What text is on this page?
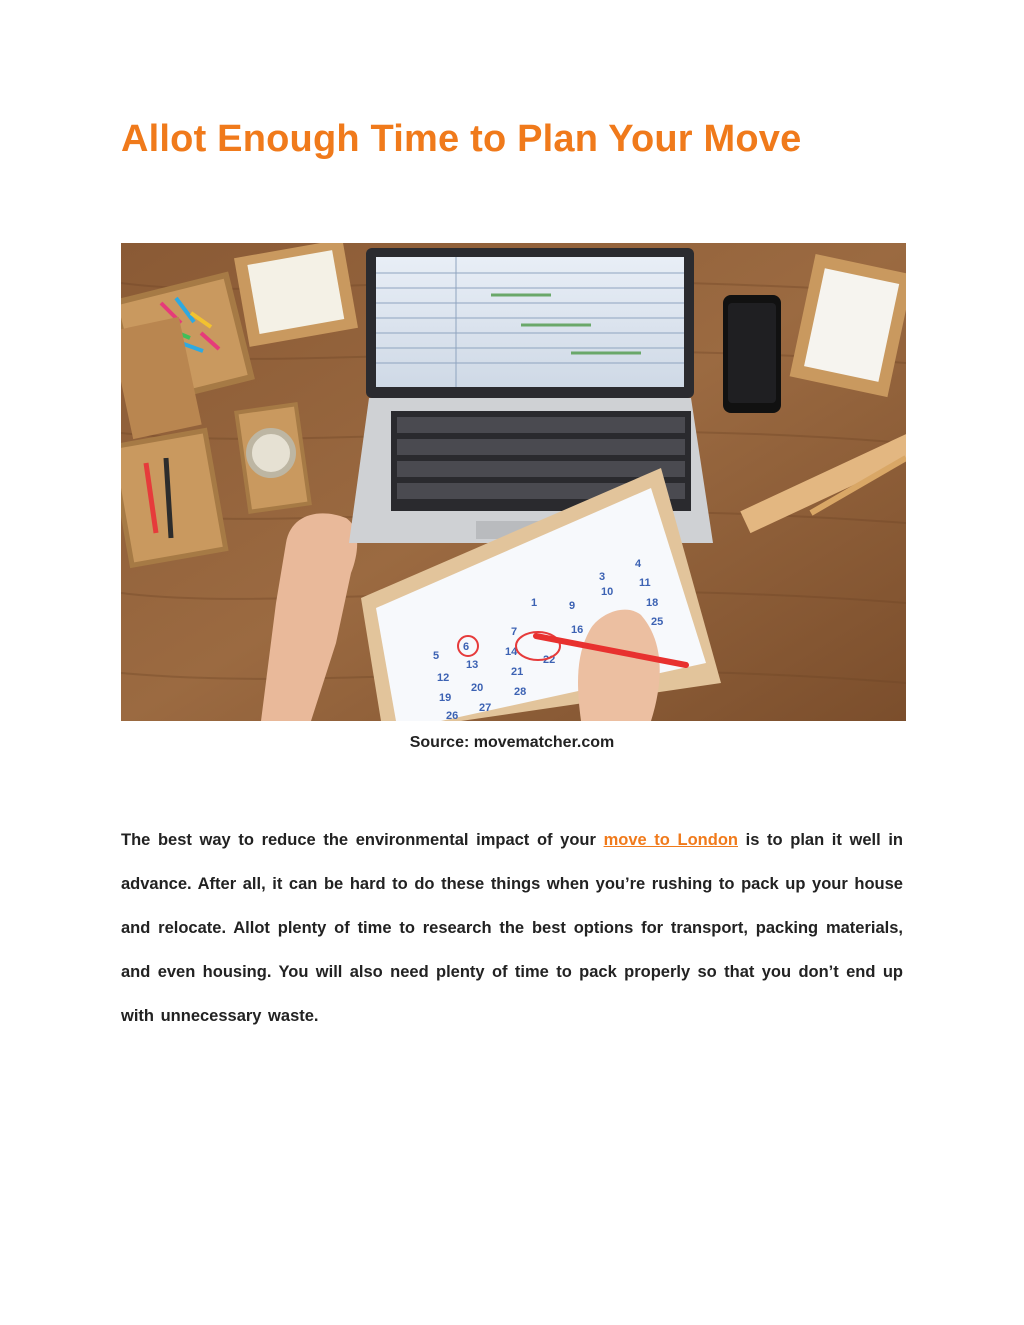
Allot Enough Time to Plan Your Move
1
3
4
5
7
9
10
11
12
13
14
16
18
19
20
21
22
25
26
27
28
6
Source: movematcher.com

The best way to reduce the environmental impact of your move to London is to plan it well in advance. After all, it can be hard to do these things when you’re rushing to pack up your house and relocate. Allot plenty of time to research the best options for transport, packing materials, and even housing. You will also need plenty of time to pack properly so that you don’t end up with unnecessary waste.
